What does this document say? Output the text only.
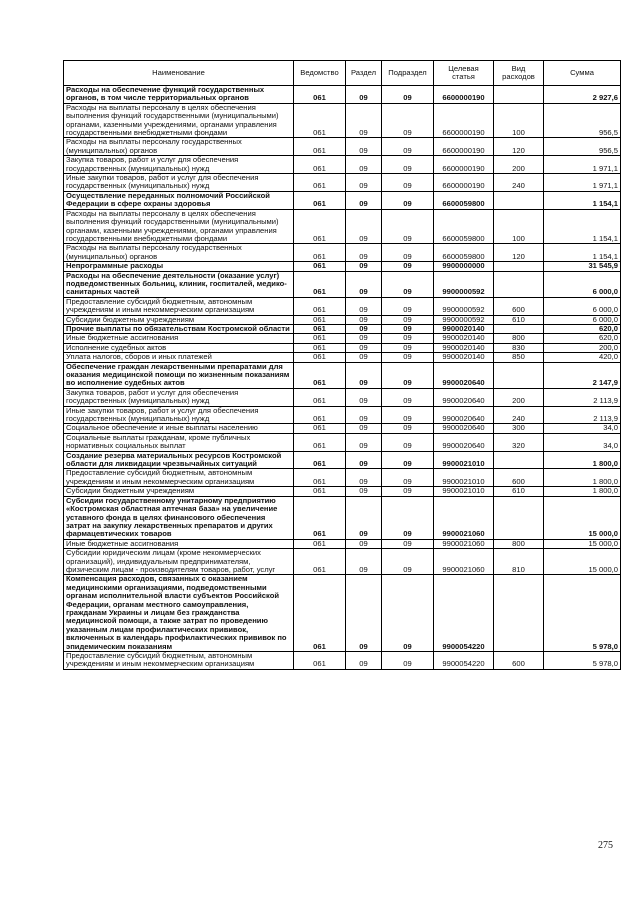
Наименование	Ведомство	Раздел	Подраздел	Целевая статья	Вид расходов	Сумма
Расходы на обеспечение функций государственных органов, в том числе территориальных органов	061	09	09	6600000190		2 927,6
Расходы на выплаты персоналу в целях обеспечения выполнения функций государственными (муниципальными) органами, казенными учреждениями, органами управления государственными внебюджетными фондами	061	09	09	6600000190	100	956,5
Расходы на выплаты персоналу государственных (муниципальных) органов	061	09	09	6600000190	120	956,5
Закупка товаров, работ и услуг для обеспечения государственных (муниципальных) нужд	061	09	09	6600000190	200	1 971,1
Иные закупки товаров, работ и услуг для обеспечения государственных (муниципальных) нужд	061	09	09	6600000190	240	1 971,1
Осуществление переданных полномочий Российской Федерации в сфере охраны здоровья	061	09	09	6600059800		1 154,1
Расходы на выплаты персоналу в целях обеспечения выполнения функций государственными (муниципальными) органами, казенными учреждениями, органами управления государственными внебюджетными фондами	061	09	09	6600059800	100	1 154,1
Расходы на выплаты персоналу государственных (муниципальных) органов	061	09	09	6600059800	120	1 154,1
Непрограммные расходы	061	09	09	9900000000		31 545,9
Расходы на обеспечение деятельности (оказание услуг) подведомственных больниц, клиник, госпиталей, медико-санитарных частей	061	09	09	9900000592		6 000,0
Предоставление субсидий бюджетным, автономным учреждениям и иным некоммерческим организациям	061	09	09	9900000592	600	6 000,0
Субсидии бюджетным учреждениям	061	09	09	9900000592	610	6 000,0
Прочие выплаты по обязательствам Костромской области	061	09	09	9900020140		620,0
Иные бюджетные ассигнования	061	09	09	9900020140	800	620,0
Исполнение судебных актов	061	09	09	9900020140	830	200,0
Уплата налогов, сборов и иных платежей	061	09	09	9900020140	850	420,0
Обеспечение граждан лекарственными препаратами для оказания медицинской помощи по жизненным показаниям во исполнение судебных актов	061	09	09	9900020640		2 147,9
Закупка товаров, работ и услуг для обеспечения государственных (муниципальных) нужд	061	09	09	9900020640	200	2 113,9
Иные закупки товаров, работ и услуг для обеспечения государственных (муниципальных) нужд	061	09	09	9900020640	240	2 113,9
Социальное обеспечение и иные выплаты населению	061	09	09	9900020640	300	34,0
Социальные выплаты гражданам, кроме публичных нормативных социальных выплат	061	09	09	9900020640	320	34,0
Создание резерва материальных ресурсов Костромской области для ликвидации чрезвычайных ситуаций	061	09	09	9900021010		1 800,0
Предоставление субсидий бюджетным, автономным учреждениям и иным некоммерческим организациям	061	09	09	9900021010	600	1 800,0
Субсидии бюджетным учреждениям	061	09	09	9900021010	610	1 800,0
Субсидии государственному унитарному предприятию «Костромская областная аптечная база» на увеличение уставного фонда в целях финансового обеспечения затрат на закупку лекарственных препаратов и других фармацевтических товаров	061	09	09	9900021060		15 000,0
Иные бюджетные ассигнования	061	09	09	9900021060	800	15 000,0
Субсидии юридическим лицам (кроме некоммерческих организаций), индивидуальным предпринимателям, физическим лицам - производителям товаров, работ, услуг	061	09	09	9900021060	810	15 000,0
Компенсация расходов, связанных с оказанием медицинскими организациями, подведомственными органам исполнительной власти субъектов Российской Федерации, органам местного самоуправления, гражданам Украины и лицам без гражданства медицинской помощи, а также затрат по проведению указанным лицам профилактических прививок, включенных в календарь профилактических прививок по эпидемическим показаниям	061	09	09	9900054220		5 978,0
Предоставление субсидий бюджетным, автономным учреждениям и иным некоммерческим организациям	061	09	09	9900054220	600	5 978,0
275
